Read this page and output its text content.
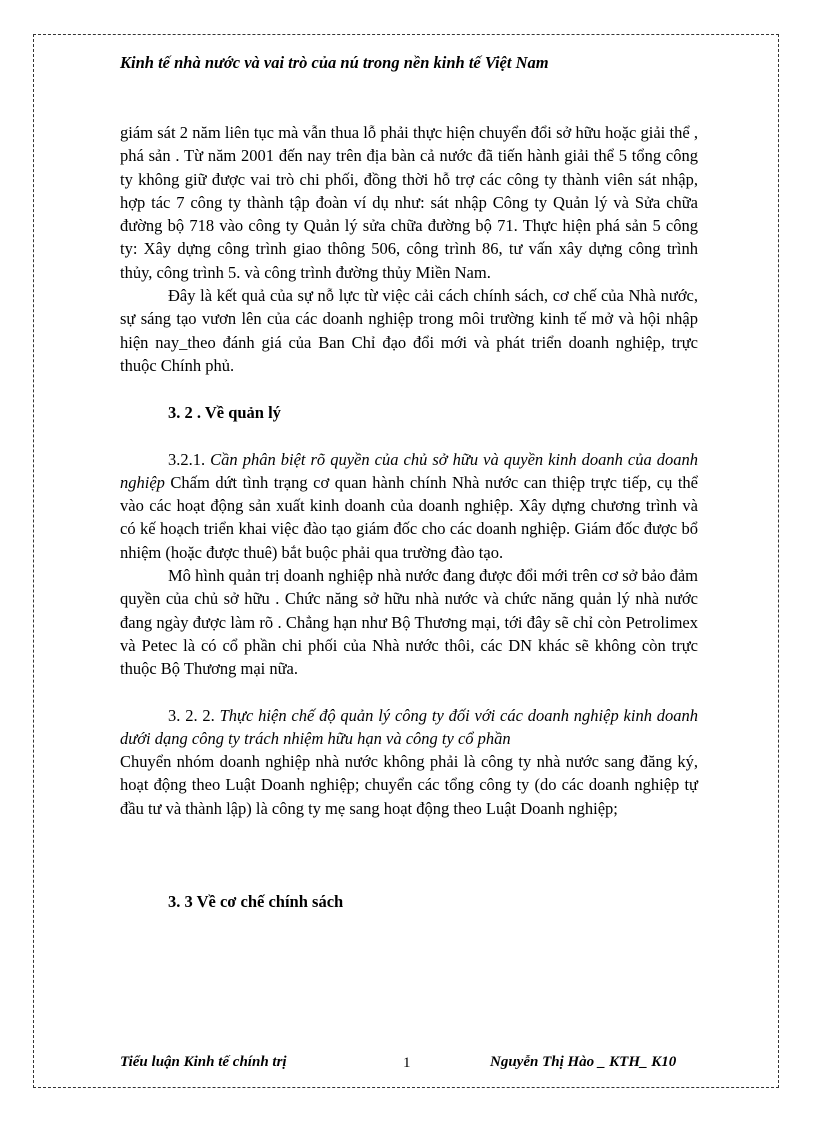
Kinh tế nhà nước và vai trò của nú trong nền kinh tế Việt Nam

giám sát 2 năm liên tục mà vẫn thua lỗ phải thực hiện chuyển đổi sở hữu hoặc giải thể , phá sản . Từ năm 2001 đến nay trên địa bàn cả nước đã tiến hành giải thể 5 tổng công ty không giữ được vai trò chi phối, đồng thời hỗ trợ các công ty thành viên sát nhập, hợp tác 7 công ty thành tập đoàn ví dụ như: sát nhập Công ty Quản lý và Sửa chữa đường bộ 718 vào công ty Quản lý sửa chữa đường bộ 71. Thực hiện phá sản 5 công ty: Xây dựng công trình giao thông 506, công trình 86, tư vấn xây dựng công trình thủy, công trình 5. và công trình đường thủy Miền Nam.

Đây là kết quả của sự nỗ lực từ việc cải cách chính sách, cơ chế của Nhà nước, sự sáng tạo vươn lên của các doanh nghiệp trong môi trường kinh tế mở và hội nhập hiện nay_theo đánh giá của Ban Chỉ đạo đổi mới và phát triển doanh nghiệp, trực thuộc Chính phủ.

3. 2 . Về quản lý

3.2.1. Cần phân biệt rõ quyền của chủ sở hữu và quyền kinh doanh của doanh nghiệp Chấm dứt tình trạng cơ quan hành chính Nhà nước can thiệp trực tiếp, cụ thể vào các hoạt động sản xuất kinh doanh của doanh nghiệp. Xây dựng chương trình và có kế hoạch triển khai việc đào tạo giám đốc cho các doanh nghiệp. Giám đốc được bổ nhiệm (hoặc được thuê) bắt buộc phải qua trường đào tạo.

Mô hình quản trị doanh nghiệp nhà nước đang được đổi mới trên cơ sở bảo đảm quyền của chủ sở hữu . Chức năng sở hữu nhà nước và chức năng quản lý nhà nước đang ngày được làm rõ . Chẳng hạn như Bộ Thương mại, tới đây sẽ chỉ còn Petrolimex và Petec là có cổ phần chi phối của Nhà nước thôi, các DN khác sẽ không còn trực thuộc Bộ Thương mại nữa.

3. 2. 2. Thực hiện chế độ quản lý công ty đối với các doanh nghiệp kinh doanh dưới dạng công ty trách nhiệm hữu hạn và công ty cổ phần
Chuyển nhóm doanh nghiệp nhà nước không phải là công ty nhà nước sang đăng ký, hoạt động theo Luật Doanh nghiệp; chuyển các tổng công ty (do các doanh nghiệp tự đầu tư và thành lập) là công ty mẹ sang hoạt động theo Luật Doanh nghiệp;

3. 3 Về cơ chế chính sách

Tiểu luận Kinh tế chính trị	1	Nguyễn Thị Hào _ KTH_ K10
